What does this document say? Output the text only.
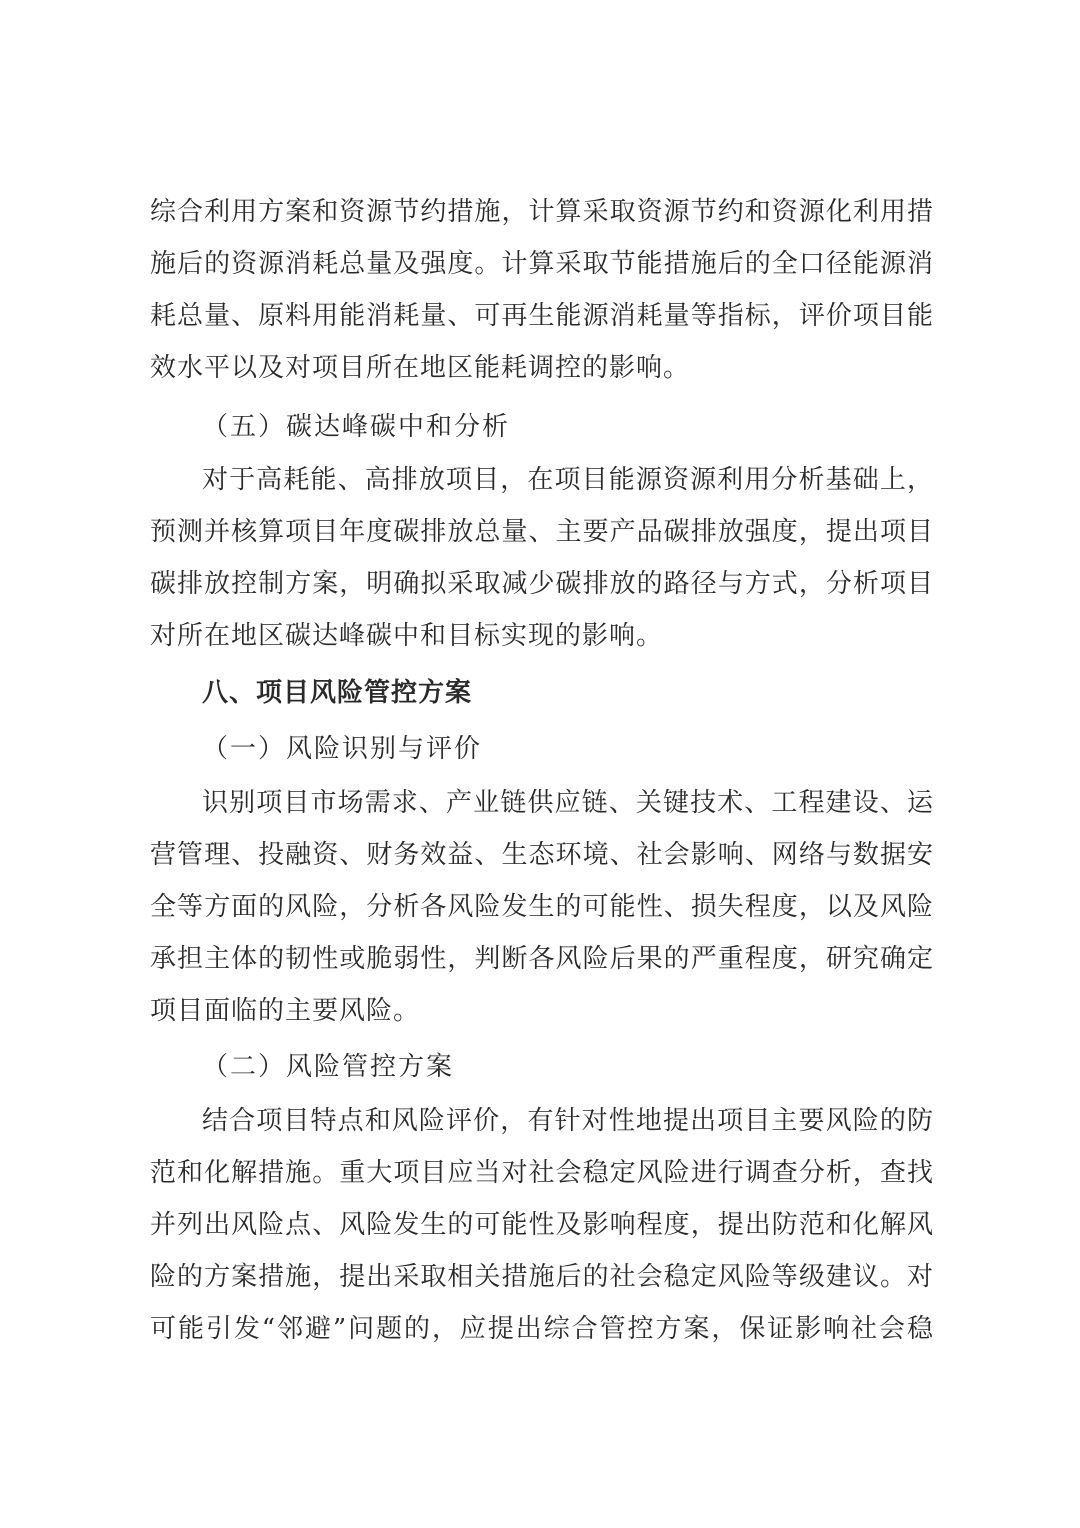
综合利用方案和资源节约措施，计算采取资源节约和资源化利用措
施后的资源消耗总量及强度。计算采取节能措施后的全口径能源消
耗总量、原料用能消耗量、可再生能源消耗量等指标，评价项目能
效水平以及对项目所在地区能耗调控的影响。
（五）碳达峰碳中和分析
对于高耗能、高排放项目，在项目能源资源利用分析基础上，
预测并核算项目年度碳排放总量、主要产品碳排放强度，提出项目
碳排放控制方案，明确拟采取减少碳排放的路径与方式，分析项目
对所在地区碳达峰碳中和目标实现的影响。
八、项目风险管控方案
（一）风险识别与评价
识别项目市场需求、产业链供应链、关键技术、工程建设、运
营管理、投融资、财务效益、生态环境、社会影响、网络与数据安
全等方面的风险，分析各风险发生的可能性、损失程度，以及风险
承担主体的韧性或脆弱性，判断各风险后果的严重程度，研究确定
项目面临的主要风险。
（二）风险管控方案
结合项目特点和风险评价，有针对性地提出项目主要风险的防
范和化解措施。重大项目应当对社会稳定风险进行调查分析，查找
并列出风险点、风险发生的可能性及影响程度，提出防范和化解风
险的方案措施，提出采取相关措施后的社会稳定风险等级建议。对
可能引发“邻避”问题的，应提出综合管控方案，保证影响社会稳
